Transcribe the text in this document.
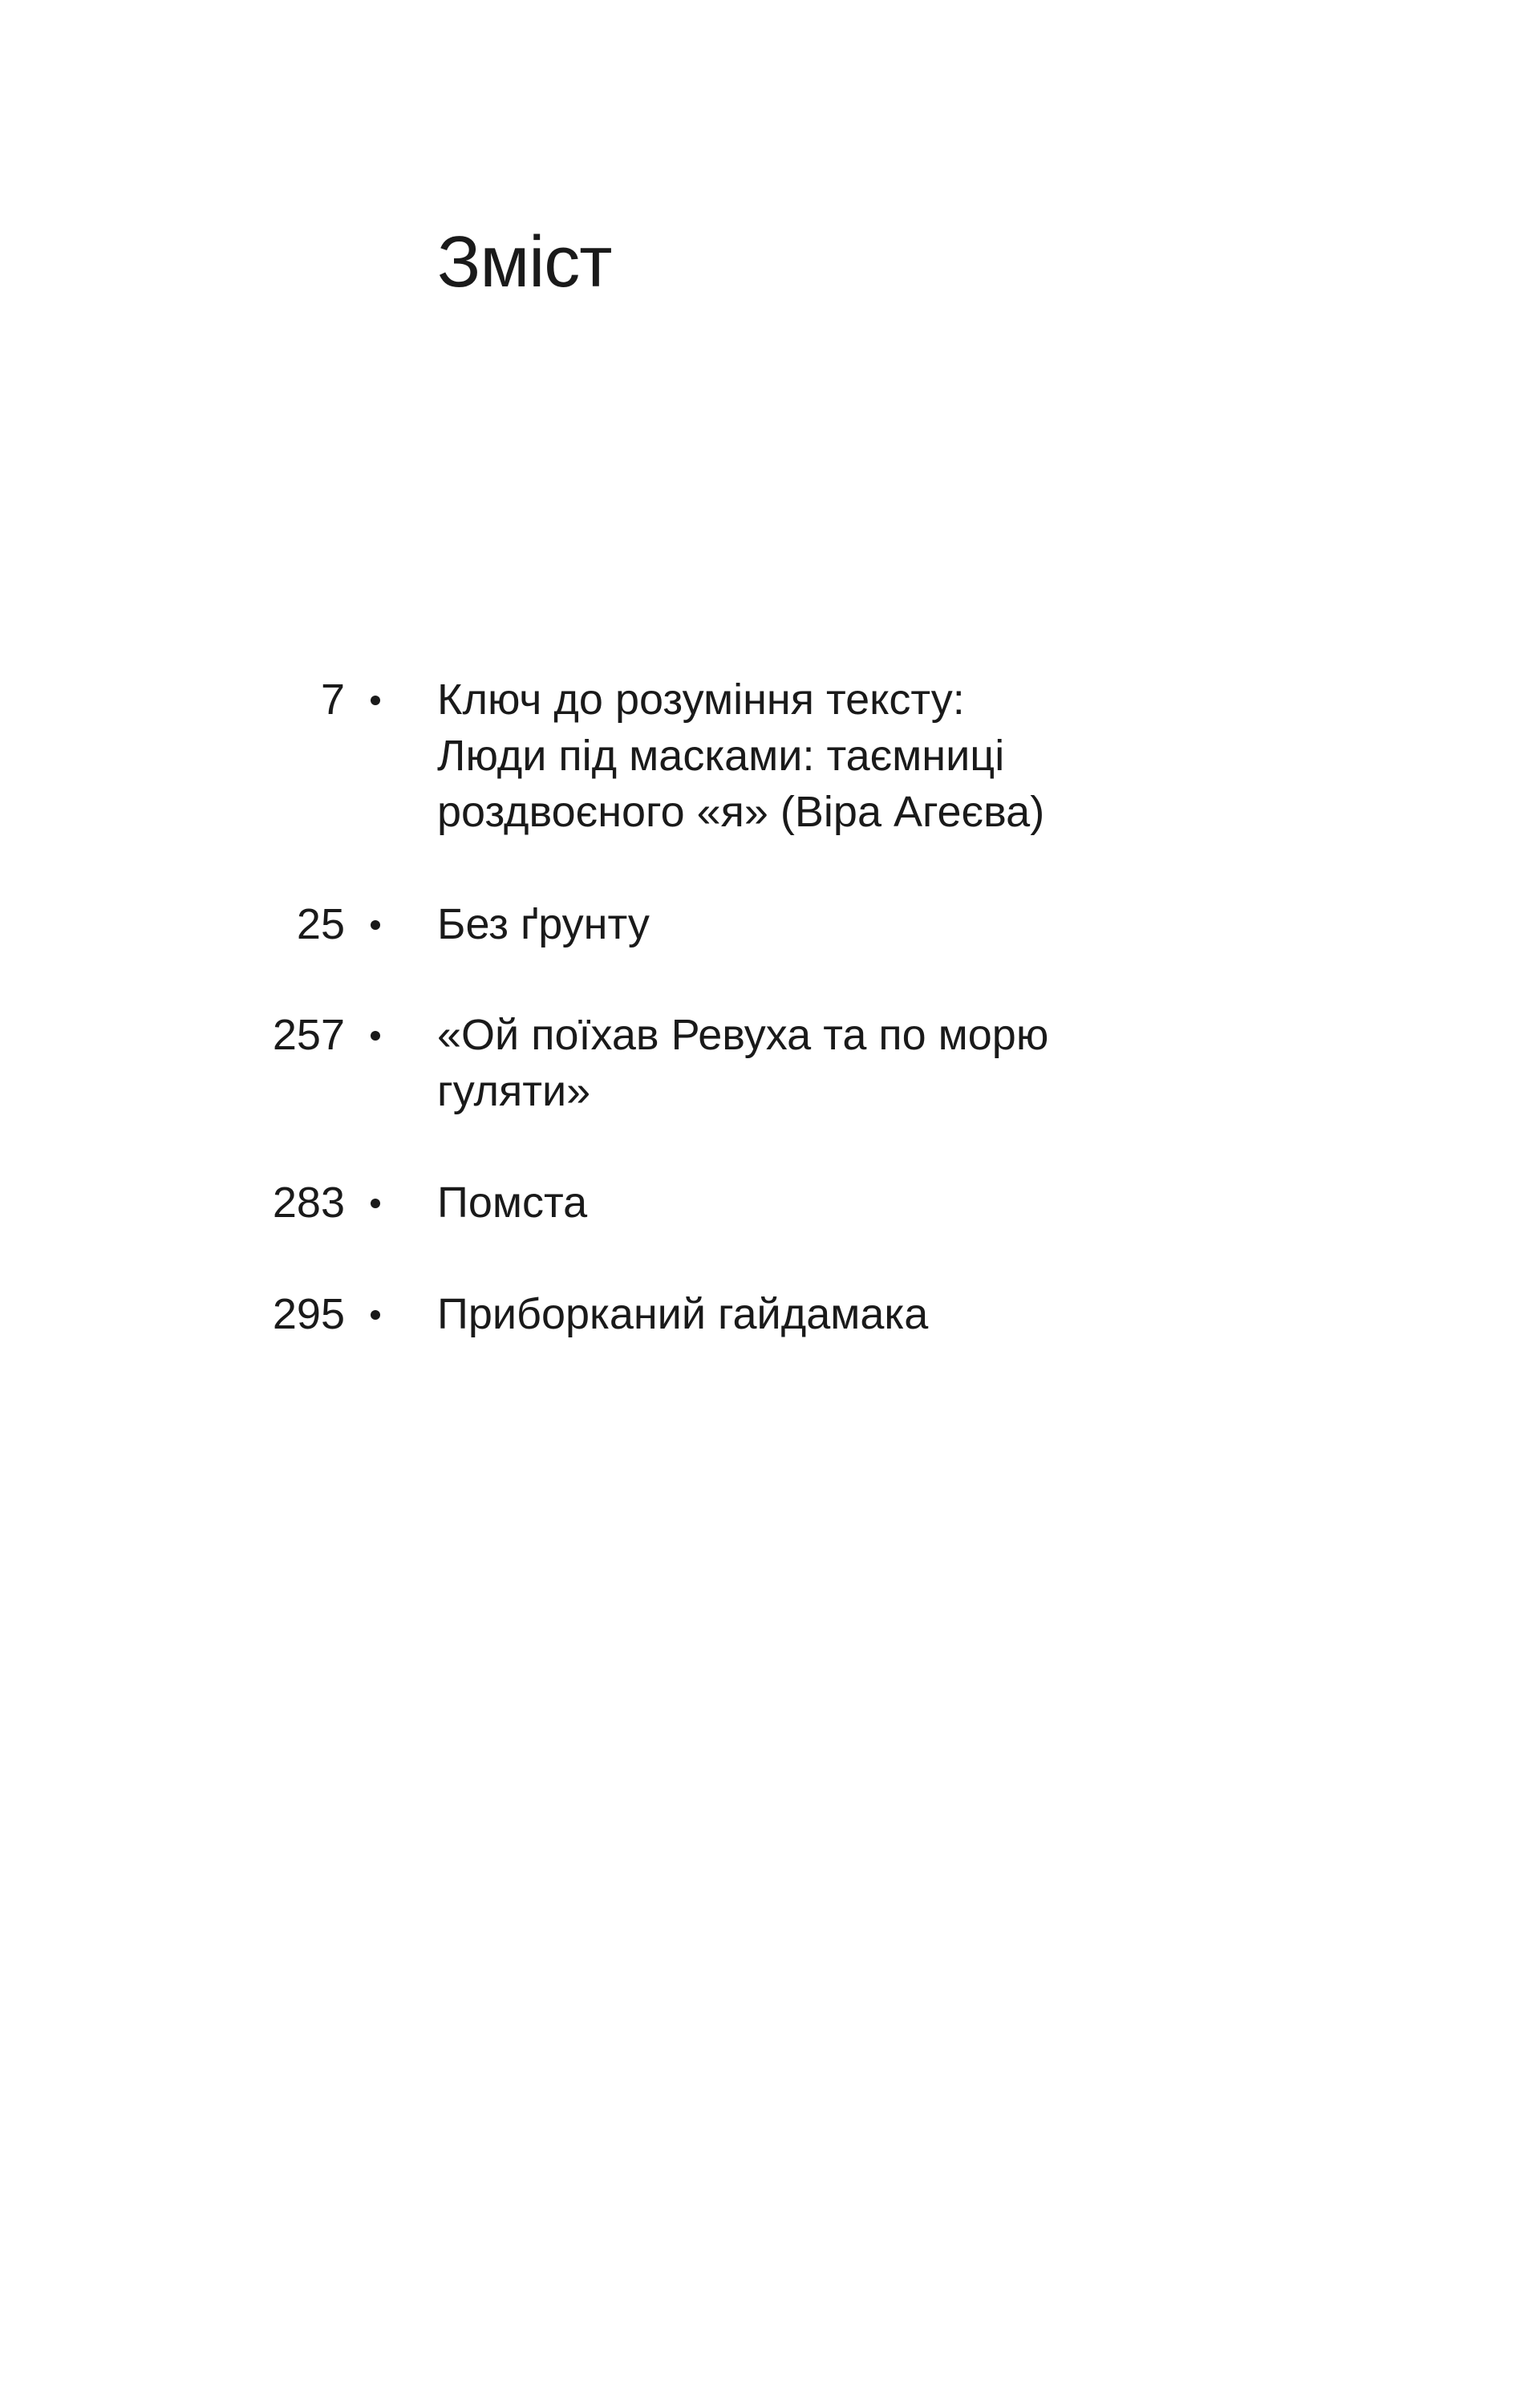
Зміст
7 Ключ до розуміння тексту:
Люди під масками: таємниці
роздвоєного «я» (Віра Агеєва)
25 Без ґрунту
257 «Ой поїхав Ревуха та по морю
гуляти»
283 Помста
295 Приборканий гайдамака
